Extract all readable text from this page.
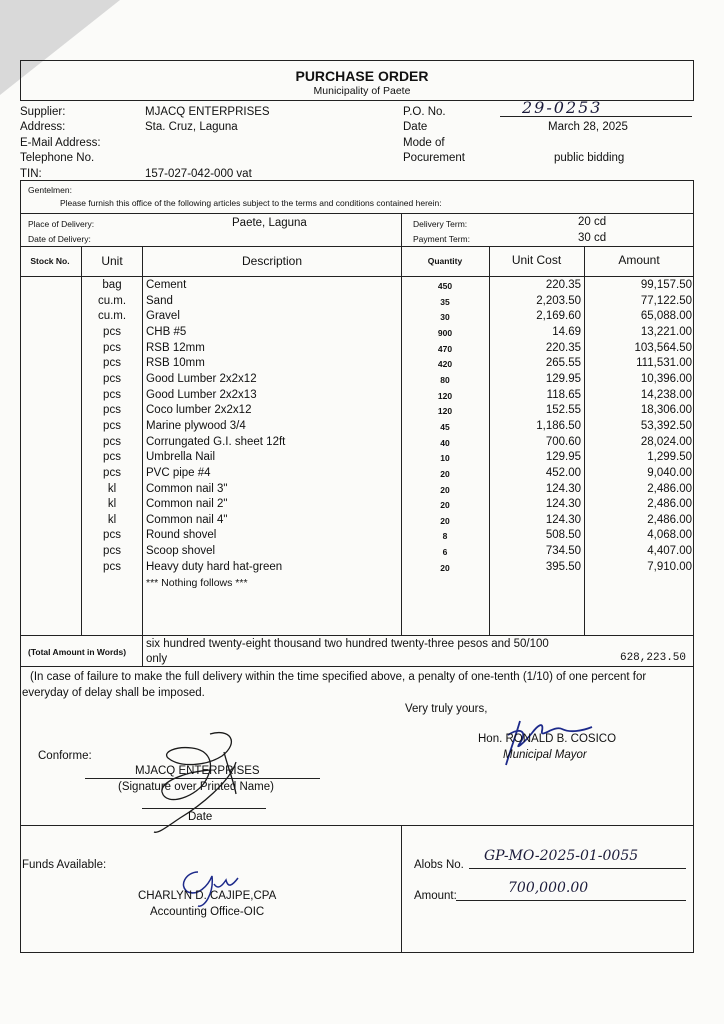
PURCHASE ORDER
Municipality of Paete
Supplier:	MJACQ ENTERPRISES
Address:	Sta. Cruz, Laguna
E-Mail Address:
Telephone No.
TIN:	157-027-042-000 vat
P.O. No.	29-0253
Date	March 28, 2025
Mode of
Pocurement	public bidding
Gentelmen:
Please furnish this office of the following articles subject to the terms and conditions contained herein:
Place of Delivery:	Paete, Laguna
Date of Delivery:
Delivery Term:	20 cd
Payment Term:	30 cd
Stock No.	Unit	Description	Quantity	Unit Cost	Amount
bag	Cement	450	220.35	99,157.50
cu.m.	Sand	35	2,203.50	77,122.50
cu.m.	Gravel	30	2,169.60	65,088.00
pcs	CHB #5	900	14.69	13,221.00
pcs	RSB 12mm	470	220.35	103,564.50
pcs	RSB 10mm	420	265.55	111,531.00
pcs	Good Lumber 2x2x12	80	129.95	10,396.00
pcs	Good Lumber 2x2x13	120	118.65	14,238.00
pcs	Coco lumber 2x2x12	120	152.55	18,306.00
pcs	Marine plywood 3/4	45	1,186.50	53,392.50
pcs	Corrungated G.I. sheet 12ft	40	700.60	28,024.00
pcs	Umbrella Nail	10	129.95	1,299.50
pcs	PVC pipe #4	20	452.00	9,040.00
kl	Common nail 3"	20	124.30	2,486.00
kl	Common nail 2"	20	124.30	2,486.00
kl	Common nail 4"	20	124.30	2,486.00
pcs	Round shovel	8	508.50	4,068.00
pcs	Scoop shovel	6	734.50	4,407.00
pcs	Heavy duty hard hat-green	20	395.50	7,910.00
*** Nothing follows ***
(Total Amount in Words)
six hundred twenty-eight thousand two hundred twenty-three pesos and 50/100
only	628,223.50
(In case of failure to make the full delivery within the time specified above, a penalty of one-tenth (1/10) of one percent for
everyday of delay shall be imposed.
Very truly yours,
Hon. RONALD B. COSICO
Municipal Mayor
Conforme:
MJACQ ENTERPRISES
(Signature over Printed Name)
Date
Funds Available:
CHARLYN D. CAJIPE,CPA
Accounting Office-OIC
Alobs No.
GP-MO-2025-01-0055
Amount:	700,000.00
